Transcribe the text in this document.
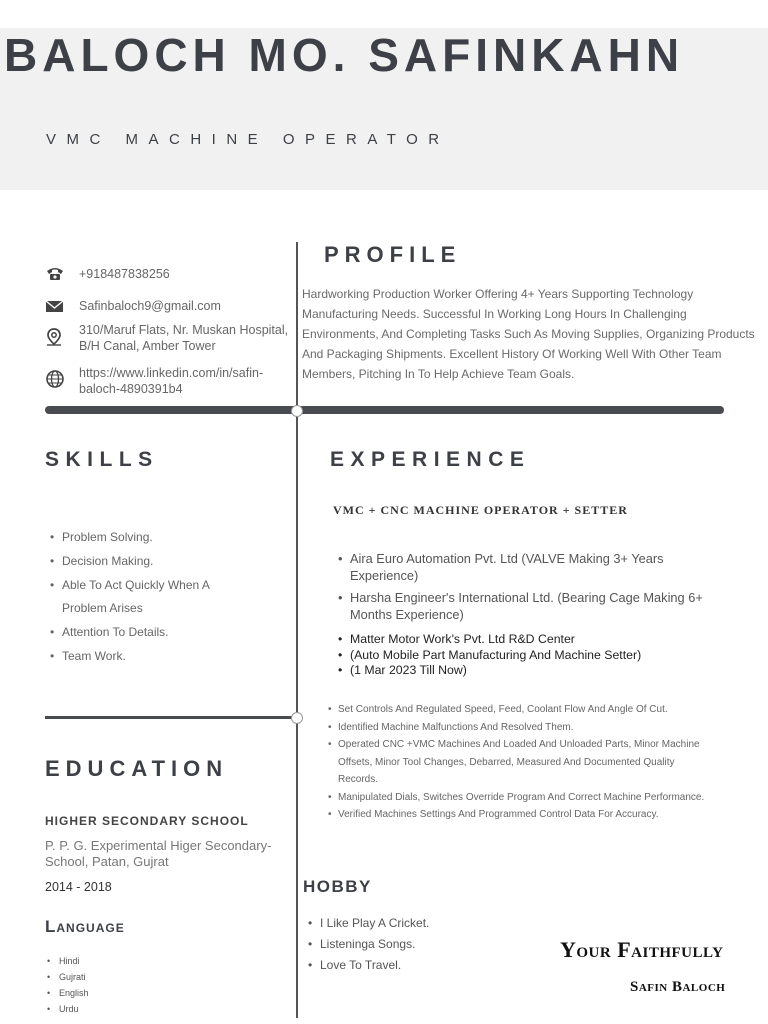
BALOCH MO. SAFINKAHN
VMC MACHINE OPERATOR
+918487838256
Safinbaloch9@gmail.com
310/Maruf Flats, Nr. Muskan Hospital, B/H Canal, Amber Tower
https://www.linkedin.com/in/safin-baloch-4890391b4
PROFILE
Hardworking Production Worker Offering 4+ Years Supporting Technology Manufacturing Needs. Successful In Working Long Hours In Challenging Environments, And Completing Tasks Such As Moving Supplies, Organizing Products And Packaging Shipments. Excellent History Of Working Well With Other Team Members, Pitching In To Help Achieve Team Goals.
SKILLS
• Problem Solving.
• Decision Making.
• Able To Act Quickly When A Problem Arises
• Attention To Details.
• Team Work.
EXPERIENCE
VMC + CNC MACHINE OPERATOR + SETTER
• Aira Euro Automation Pvt. Ltd (VALVE Making 3+ Years Experience)
• Harsha Engineer's International Ltd. (Bearing Cage Making 6+ Months Experience)
• Matter Motor Work's Pvt. Ltd R&D Center
• (Auto Mobile Part Manufacturing And Machine Setter)
• (1 Mar 2023 Till Now)
• Set Controls And Regulated Speed, Feed, Coolant Flow And Angle Of Cut.
• Identified Machine Malfunctions And Resolved Them.
• Operated CNC +VMC Machines And Loaded And Unloaded Parts, Minor Machine Offsets, Minor Tool Changes, Debarred, Measured And Documented Quality Records.
• Manipulated Dials, Switches Override Program And Correct Machine Performance.
• Verified Machines Settings And Programmed Control Data For Accuracy.
EDUCATION
HIGHER SECONDARY SCHOOL
P. P. G. Experimental Higer Secondary-School, Patan, Gujrat
2014 - 2018
Language
• Hindi
• Gujrati
• English
• Urdu
HOBBY
• I Like Play A Cricket.
• Listeninga Songs.
• Love To Travel.
Your Faithfully
Safin Baloch
